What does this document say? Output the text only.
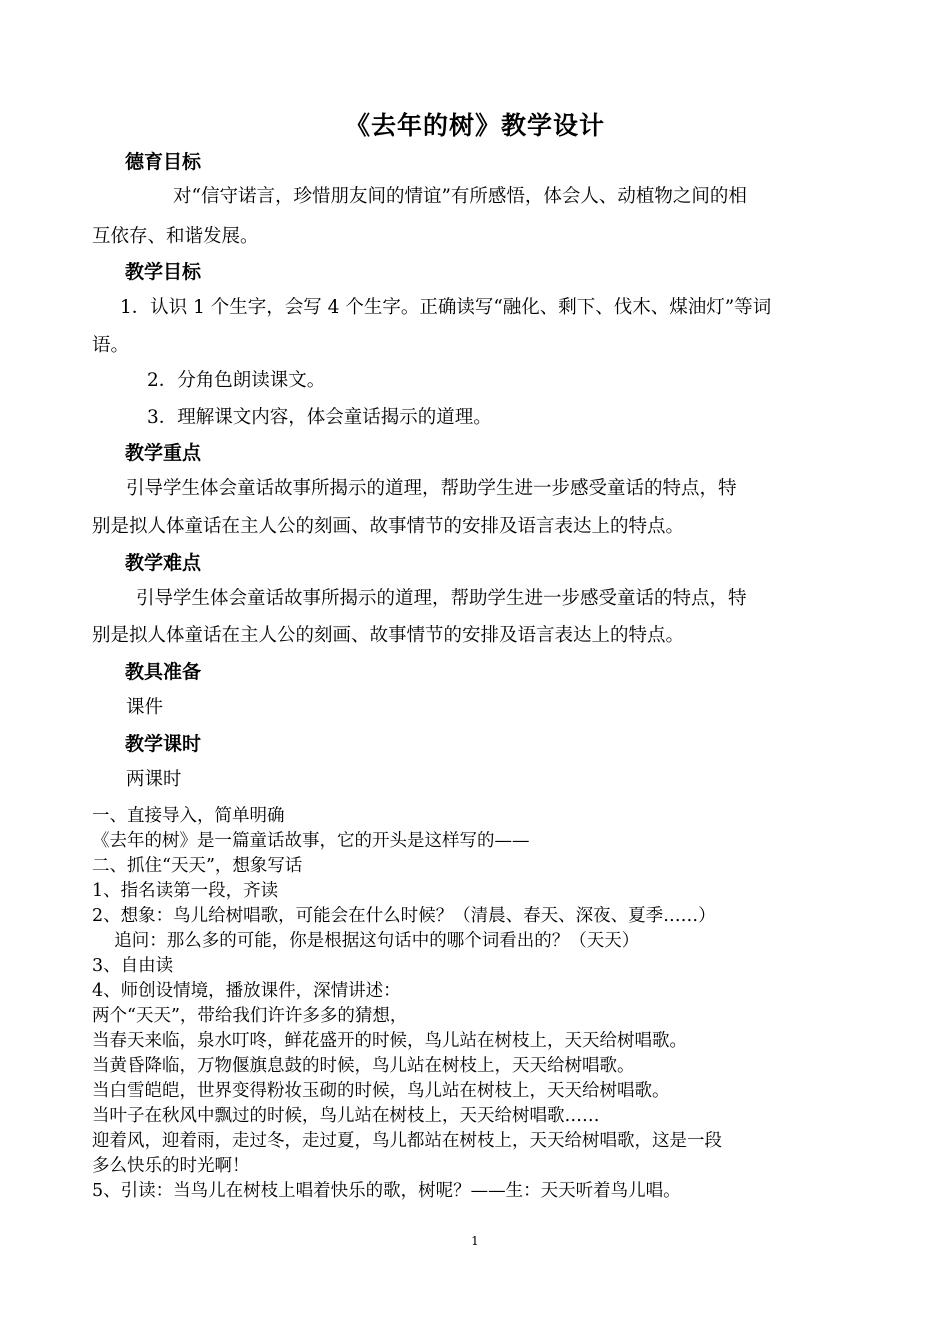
《去年的树》教学设计
德育目标
对“信守诺言，珍惜朋友间的情谊”有所感悟，体会人、动植物之间的相
互依存、和谐发展。
教学目标
1．认识 1 个生字，会写 4 个生字。正确读写“融化、剩下、伐木、煤油灯”等词
语。
2．分角色朗读课文。
3．理解课文内容，体会童话揭示的道理。
教学重点
引导学生体会童话故事所揭示的道理，帮助学生进一步感受童话的特点，特
别是拟人体童话在主人公的刻画、故事情节的安排及语言表达上的特点。
教学难点
引导学生体会童话故事所揭示的道理，帮助学生进一步感受童话的特点，特
别是拟人体童话在主人公的刻画、故事情节的安排及语言表达上的特点。
教具准备
课件
教学课时
两课时
一、直接导入，简单明确
《去年的树》是一篇童话故事，它的开头是这样写的——
二、抓住“天天”，想象写话
1、指名读第一段，齐读
2、想象：鸟儿给树唱歌，可能会在什么时候？（清晨、春天、深夜、夏季……）
追问：那么多的可能，你是根据这句话中的哪个词看出的？（天天）
3、自由读
4、师创设情境，播放课件，深情讲述：
两个“天天”，带给我们许许多多的猜想，
当春天来临，泉水叮咚，鲜花盛开的时候，鸟儿站在树枝上，天天给树唱歌。
当黄昏降临，万物偃旗息鼓的时候，鸟儿站在树枝上，天天给树唱歌。
当白雪皑皑，世界变得粉妆玉砌的时候，鸟儿站在树枝上，天天给树唱歌。
当叶子在秋风中飘过的时候，鸟儿站在树枝上，天天给树唱歌……
迎着风，迎着雨，走过冬，走过夏，鸟儿都站在树枝上，天天给树唱歌，这是一段
多么快乐的时光啊！
5、引读：当鸟儿在树枝上唱着快乐的歌，树呢？——生：天天听着鸟儿唱。
1
